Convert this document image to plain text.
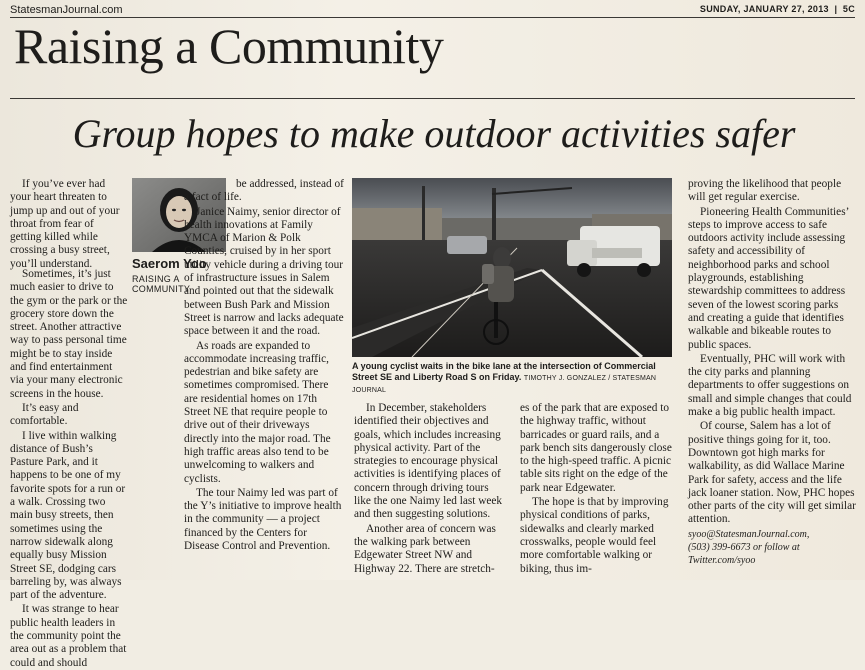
StatesmanJournal.com	SUNDAY, JANUARY 27, 2013  |  5C
Raising a Community
Group hopes to make outdoor activities safer

If you’ve ever had your heart threaten to jump up and out of your throat from fear of getting killed while crossing a busy street, you’ll understand.	Saerom Yoo
RAISING A
COMMUNITY

Sometimes, it’s just much easier to drive to the gym or the park or the grocery store down the street. Another attractive way to pass personal time might be to stay inside and find entertainment via your many electronic screens in the house.

It’s easy and comfortable.

I live within walking distance of Bush’s Pasture Park, and it happens to be one of my favorite spots for a run or a walk. Crossing two main busy streets, then sometimes using the narrow sidewalk along equally busy Mission Street SE, dodging cars barreling by, was always part of the adventure.

It was strange to hear public health leaders in the community point the area out as a problem that could and should

be addressed, instead of a fact of life.

Janice Naimy, senior director of health innovations at Family YMCA of Marion & Polk Counties, cruised by in her sport utility vehicle during a driving tour of infrastructure issues in Salem and pointed out that the sidewalk between Bush Park and Mission Street is narrow and lacks adequate space between it and the road.

As roads are expanded to accommodate increasing traffic, pedestrian and bike safety are sometimes compromised. There are residential homes on 17th Street NE that require people to drive out of their driveways directly into the major road. The high traffic areas also tend to be unwelcoming to walkers and cyclists.

The tour Naimy led was part of the Y’s initiative to improve health in the community — a project financed by the Centers for Disease Control and Prevention.

A young cyclist waits in the bike lane at the intersection of Commercial Street SE and Liberty Road S on Friday. TIMOTHY J. GONZALEZ / STATESMAN JOURNAL

In December, stakeholders identified their objectives and goals, which includes increasing physical activity. Part of the strategies to encourage physical activities is identifying places of concern through driving tours like the one Naimy led last week and then suggesting solutions.

Another area of concern was the walking park between Edgewater Street NW and Highway 22. There are stretch-

es of the park that are exposed to the highway traffic, without barricades or guard rails, and a park bench sits dangerously close to the high-speed traffic. A picnic table sits right on the edge of the park near Edgewater.

The hope is that by improving physical conditions of parks, sidewalks and clearly marked crosswalks, people would feel more comfortable walking or biking, thus im-

proving the likelihood that people will get regular exercise.

Pioneering Health Communities’ steps to improve access to safe outdoors activity include assessing safety and accessibility of neighborhood parks and school playgrounds, establishing stewardship committees to address seven of the lowest scoring parks and creating a guide that identifies walkable and bikeable routes to public spaces.

Eventually, PHC will work with the city parks and planning departments to offer suggestions on small and simple changes that could make a big public health impact.

Of course, Salem has a lot of positive things going for it, too. Downtown got high marks for walkability, as did Wallace Marine Park for safety, access and the life jack loaner station. Now, PHC hopes other parts of the city will get similar attention.

syoo@StatesmanJournal.com,
(503) 399-6673 or follow at
Twitter.com/syoo
